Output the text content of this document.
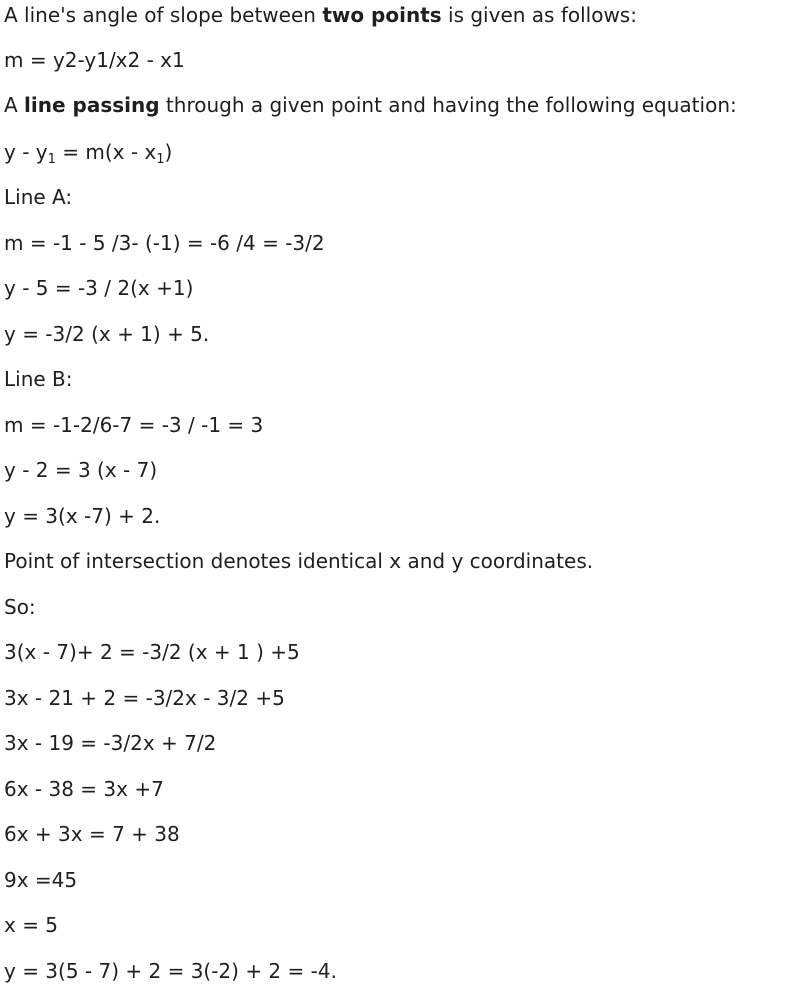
A line's angle of slope between two points is given as follows:
m = y2-y1/x2 - x1
A line passing through a given point and having the following equation:
$y - y_1 = m(x - x_1)$
Line A:
m = -1 - 5 /3- (-1) = -6 /4 = -3/2
y - 5 = -3 / 2(x +1)
y = -3/2 (x + 1) + 5.
Line B:
m = -1-2/6-7 = -3 / -1 = 3
y - 2 = 3 (x - 7)
y = 3(x -7) + 2.
Point of intersection denotes identical x and y coordinates.
So:
3(x - 7)+ 2 = -3/2 (x + 1 ) +5
3x - 21 + 2 = -3/2x - 3/2 +5
3x - 19 = -3/2x + 7/2
6x - 38 = 3x +7
6x + 3x = 7 + 38
9x =45
x = 5
y = 3(5 - 7) + 2 = 3(-2) + 2 = -4.
